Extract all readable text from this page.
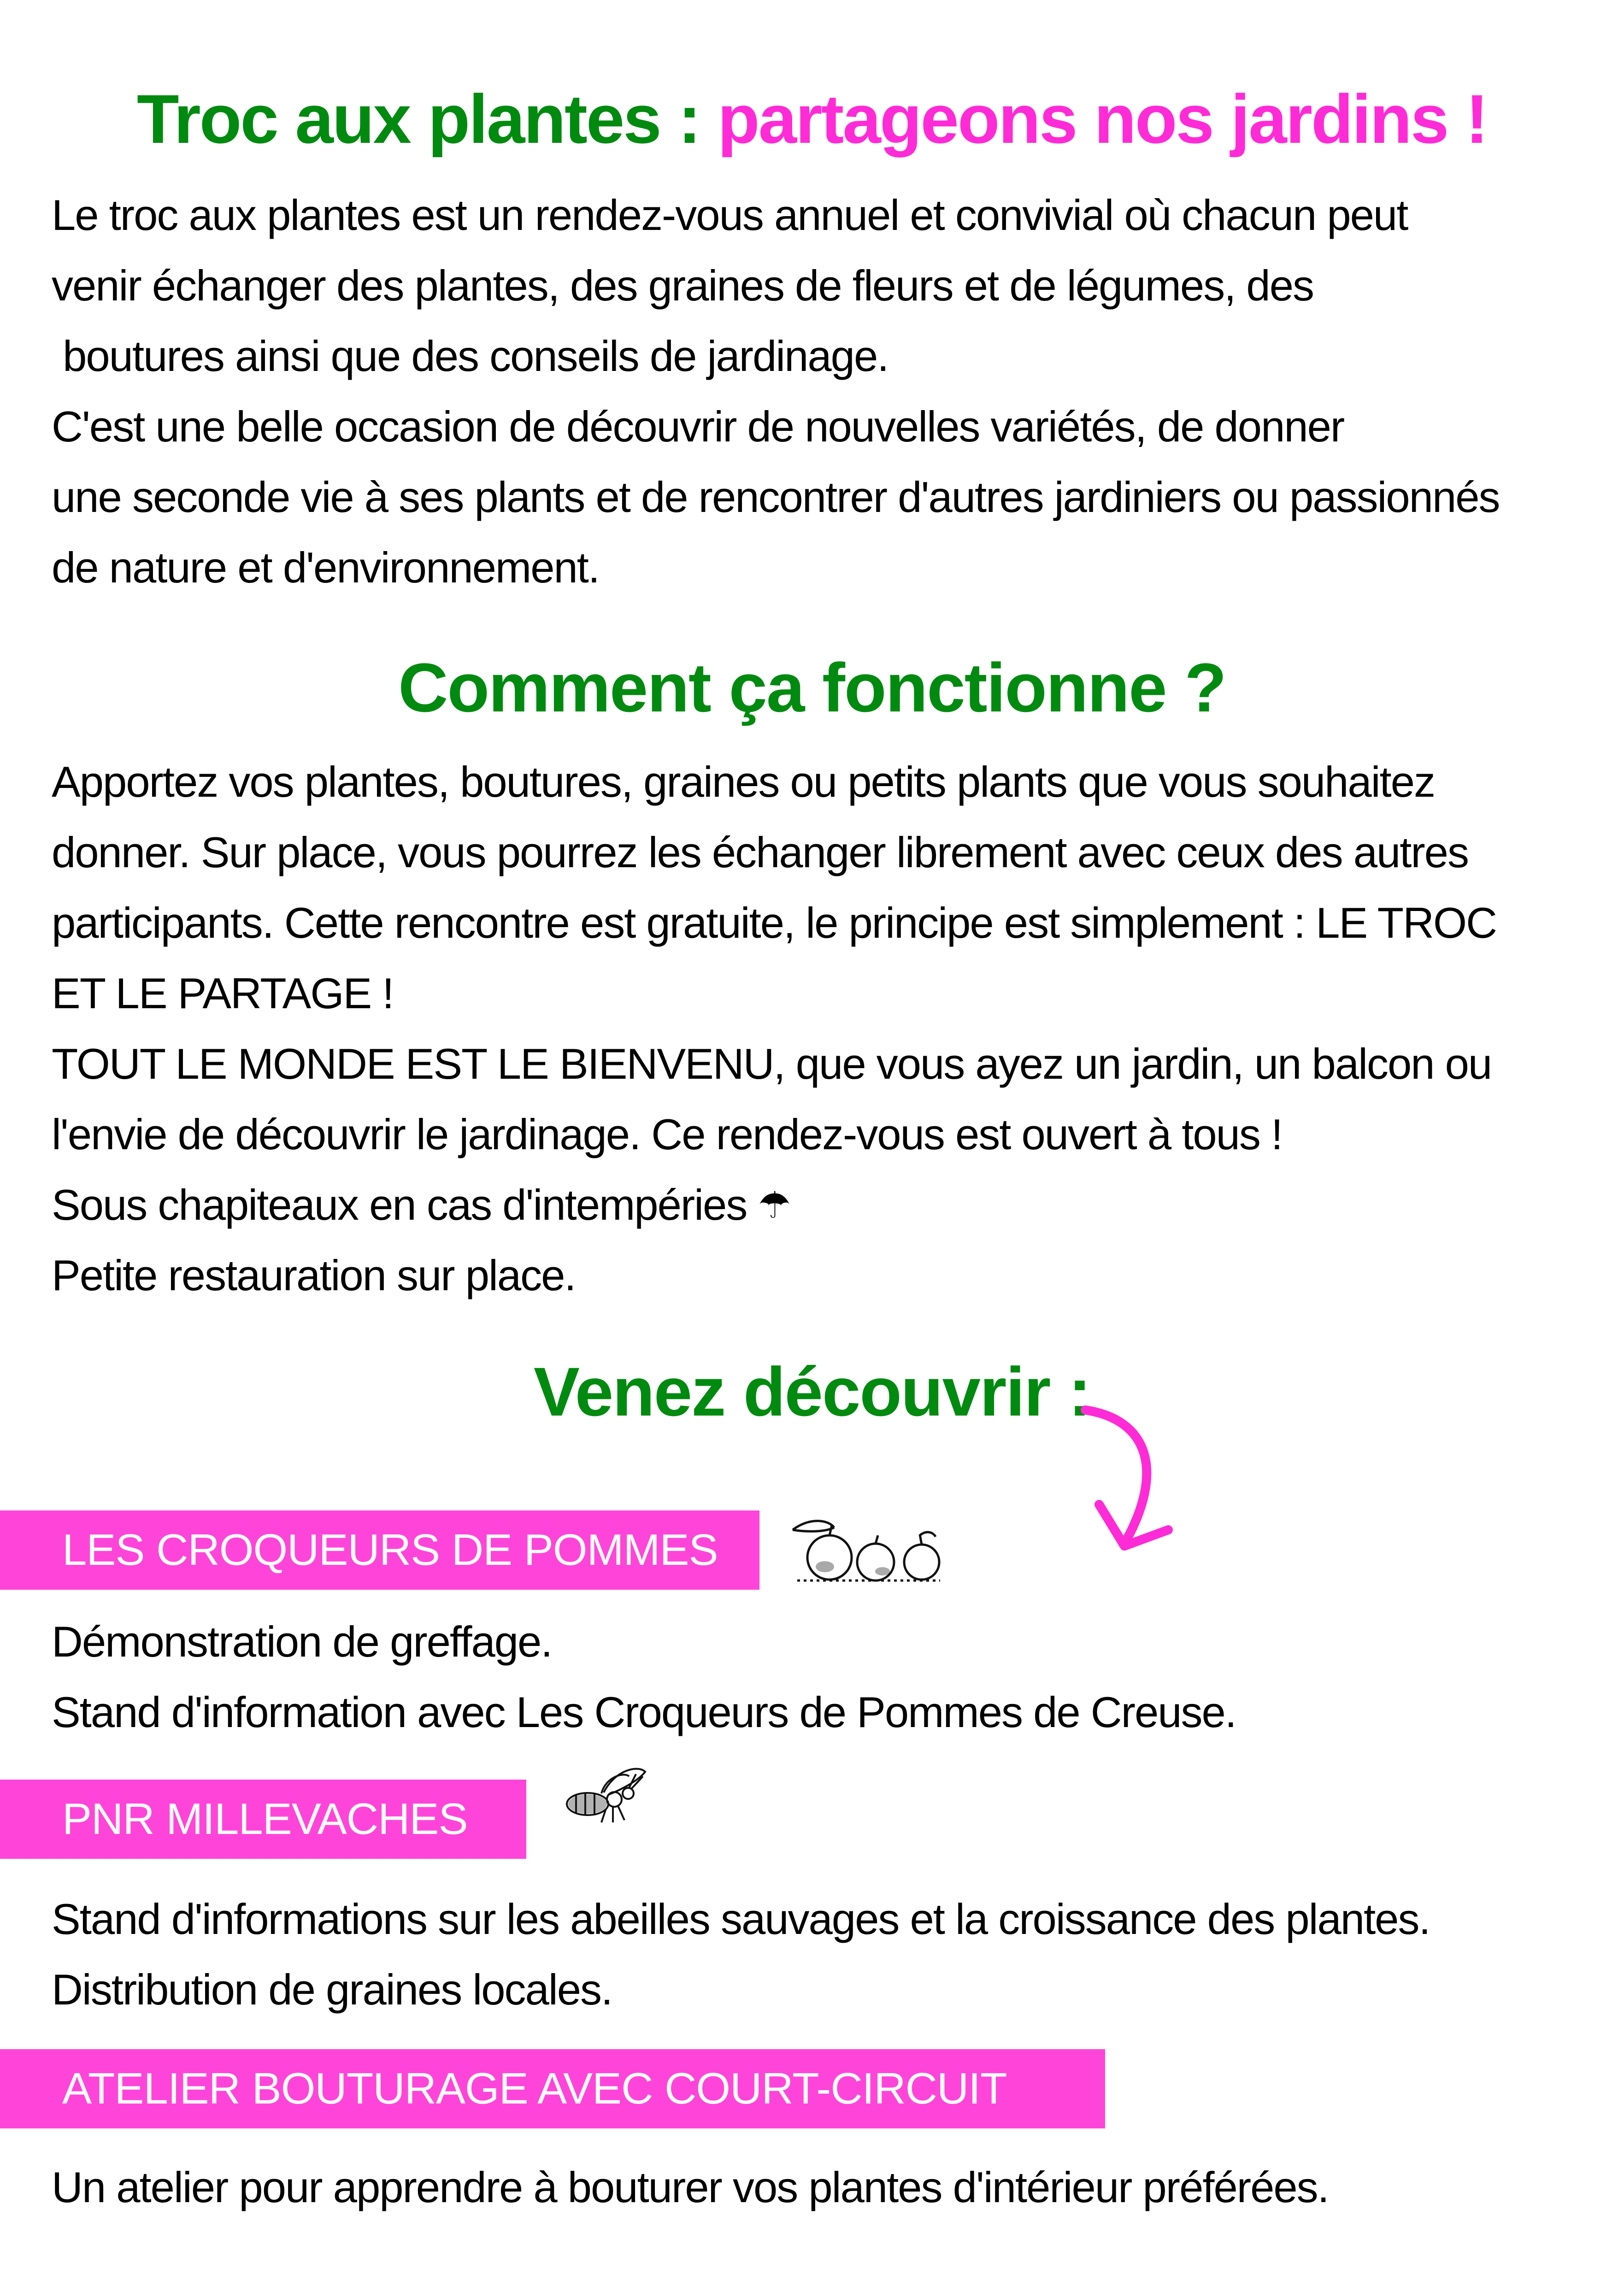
Troc aux plantes : partageons nos jardins !
Le troc aux plantes est un rendez-vous annuel et convivial où chacun peut
venir échanger des plantes, des graines de fleurs et de légumes, des
boutures ainsi que des conseils de jardinage.
C'est une belle occasion de découvrir de nouvelles variétés, de donner
une seconde vie à ses plants et de rencontrer d'autres jardiniers ou passionnés
de nature et d'environnement.
Comment ça fonctionne ?
Apportez vos plantes, boutures, graines ou petits plants que vous souhaitez
donner. Sur place, vous pourrez les échanger librement avec ceux des autres
participants. Cette rencontre est gratuite, le principe est simplement : LE TROC
ET LE PARTAGE !
TOUT LE MONDE EST LE BIENVENU, que vous ayez un jardin, un balcon ou
l'envie de découvrir le jardinage. Ce rendez-vous est ouvert à tous !
Sous chapiteaux en cas d'intempéries ☂
Petite restauration sur place.
Venez découvrir :
LES CROQUEURS DE POMMES
Démonstration de greffage.
Stand d'information avec Les Croqueurs de Pommes de Creuse.
PNR MILLEVACHES
Stand d'informations sur les abeilles sauvages et la croissance des plantes.
Distribution de graines locales.
ATELIER BOUTURAGE AVEC COURT-CIRCUIT
Un atelier pour apprendre à bouturer vos plantes d'intérieur préférées.
